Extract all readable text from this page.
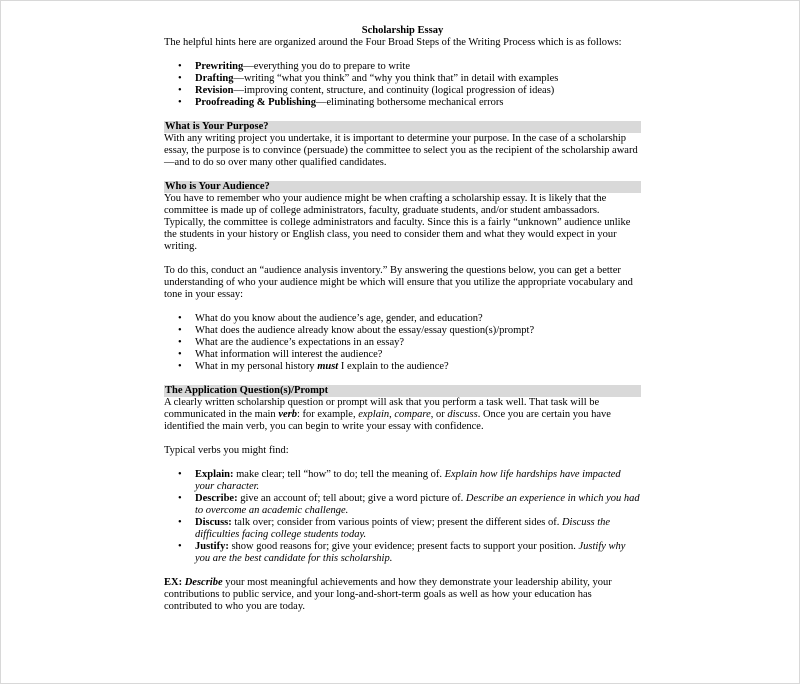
Scholarship Essay

The helpful hints here are organized around the Four Broad Steps of the Writing Process which is as follows:

• Prewriting—everything you do to prepare to write
• Drafting—writing “what you think” and “why you think that” in detail with examples
• Revision—improving content, structure, and continuity (logical progression of ideas)
• Proofreading & Publishing—eliminating bothersome mechanical errors

What is Your Purpose?

With any writing project you undertake, it is important to determine your purpose. In the case of a scholarship essay, the purpose is to convince (persuade) the committee to select you as the recipient of the scholarship award—and to do so over many other qualified candidates.

Who is Your Audience?

You have to remember who your audience might be when crafting a scholarship essay. It is likely that the committee is made up of college administrators, faculty, graduate students, and/or student ambassadors. Typically, the committee is college administrators and faculty. Since this is a fairly “unknown” audience unlike the students in your history or English class, you need to consider them and what they would expect in your writing.

To do this, conduct an “audience analysis inventory.” By answering the questions below, you can get a better understanding of who your audience might be which will ensure that you utilize the appropriate vocabulary and tone in your essay:

• What do you know about the audience’s age, gender, and education?
• What does the audience already know about the essay/essay question(s)/prompt?
• What are the audience’s expectations in an essay?
• What information will interest the audience?
• What in my personal history must I explain to the audience?

The Application Question(s)/Prompt

A clearly written scholarship question or prompt will ask that you perform a task well. That task will be communicated in the main verb: for example, explain, compare, or discuss. Once you are certain you have identified the main verb, you can begin to write your essay with confidence.

Typical verbs you might find:

• Explain: make clear; tell “how” to do; tell the meaning of. Explain how life hardships have impacted your character.
• Describe: give an account of; tell about; give a word picture of. Describe an experience in which you had to overcome an academic challenge.
• Discuss: talk over; consider from various points of view; present the different sides of. Discuss the difficulties facing college students today.
• Justify: show good reasons for; give your evidence; present facts to support your position. Justify why you are the best candidate for this scholarship.

EX: Describe your most meaningful achievements and how they demonstrate your leadership ability, your contributions to public service, and your long-and-short-term goals as well as how your education has contributed to who you are today.
